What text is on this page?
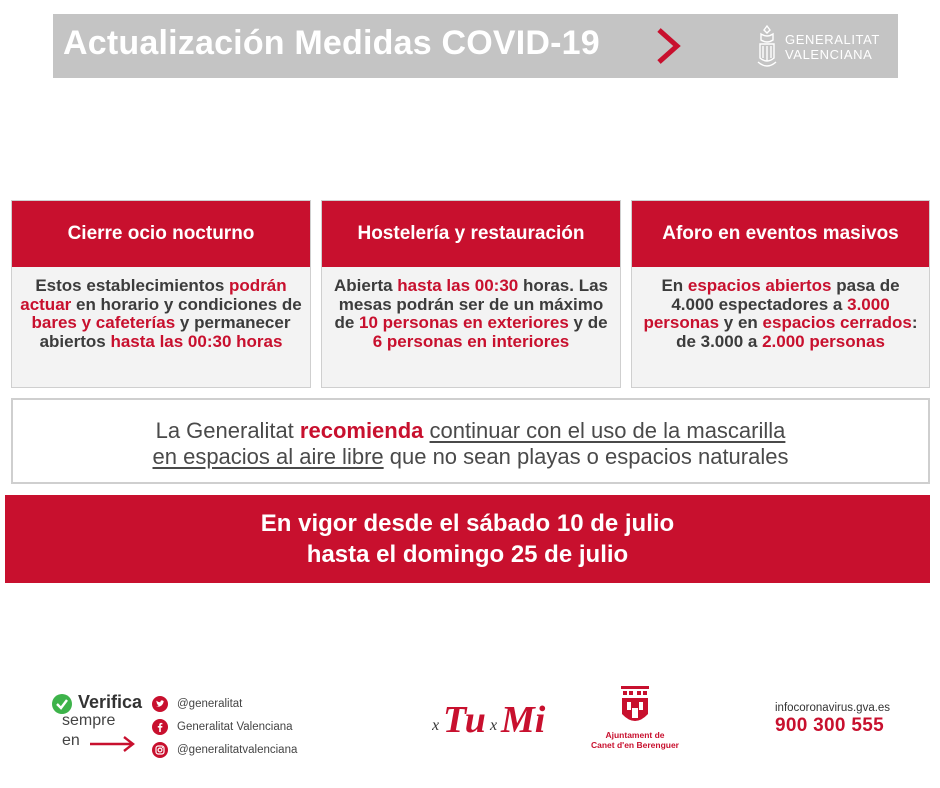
Actualización Medidas COVID-19	GENERALITAT
VALENCIANA
Cierre ocio nocturno
Estos establecimientos podrán actuar en horario y condiciones de bares y cafeterías y permanecer abiertos hasta las 00:30 horas
Hostelería y restauración
Abierta hasta las 00:30 horas. Las mesas podrán ser de un máximo de 10 personas en exteriores y de 6 personas en interiores
Aforo en eventos masivos
En espacios abiertos pasa de 4.000 espectadores a 3.000 personas y en espacios cerrados: de 3.000 a 2.000 personas
La Generalitat recomienda continuar con el uso de la mascarilla
en espacios al aire libre que no sean playas o espacios naturales
En vigor desde el sábado 10 de julio
hasta el domingo 25 de julio
Verifica
sempre
en
@generalitat
Generalitat Valenciana
@generalitatvalenciana
x Tu x Mi	Ajuntament de
Canet d'en Berenguer
infocoronavirus.gva.es
900 300 555
